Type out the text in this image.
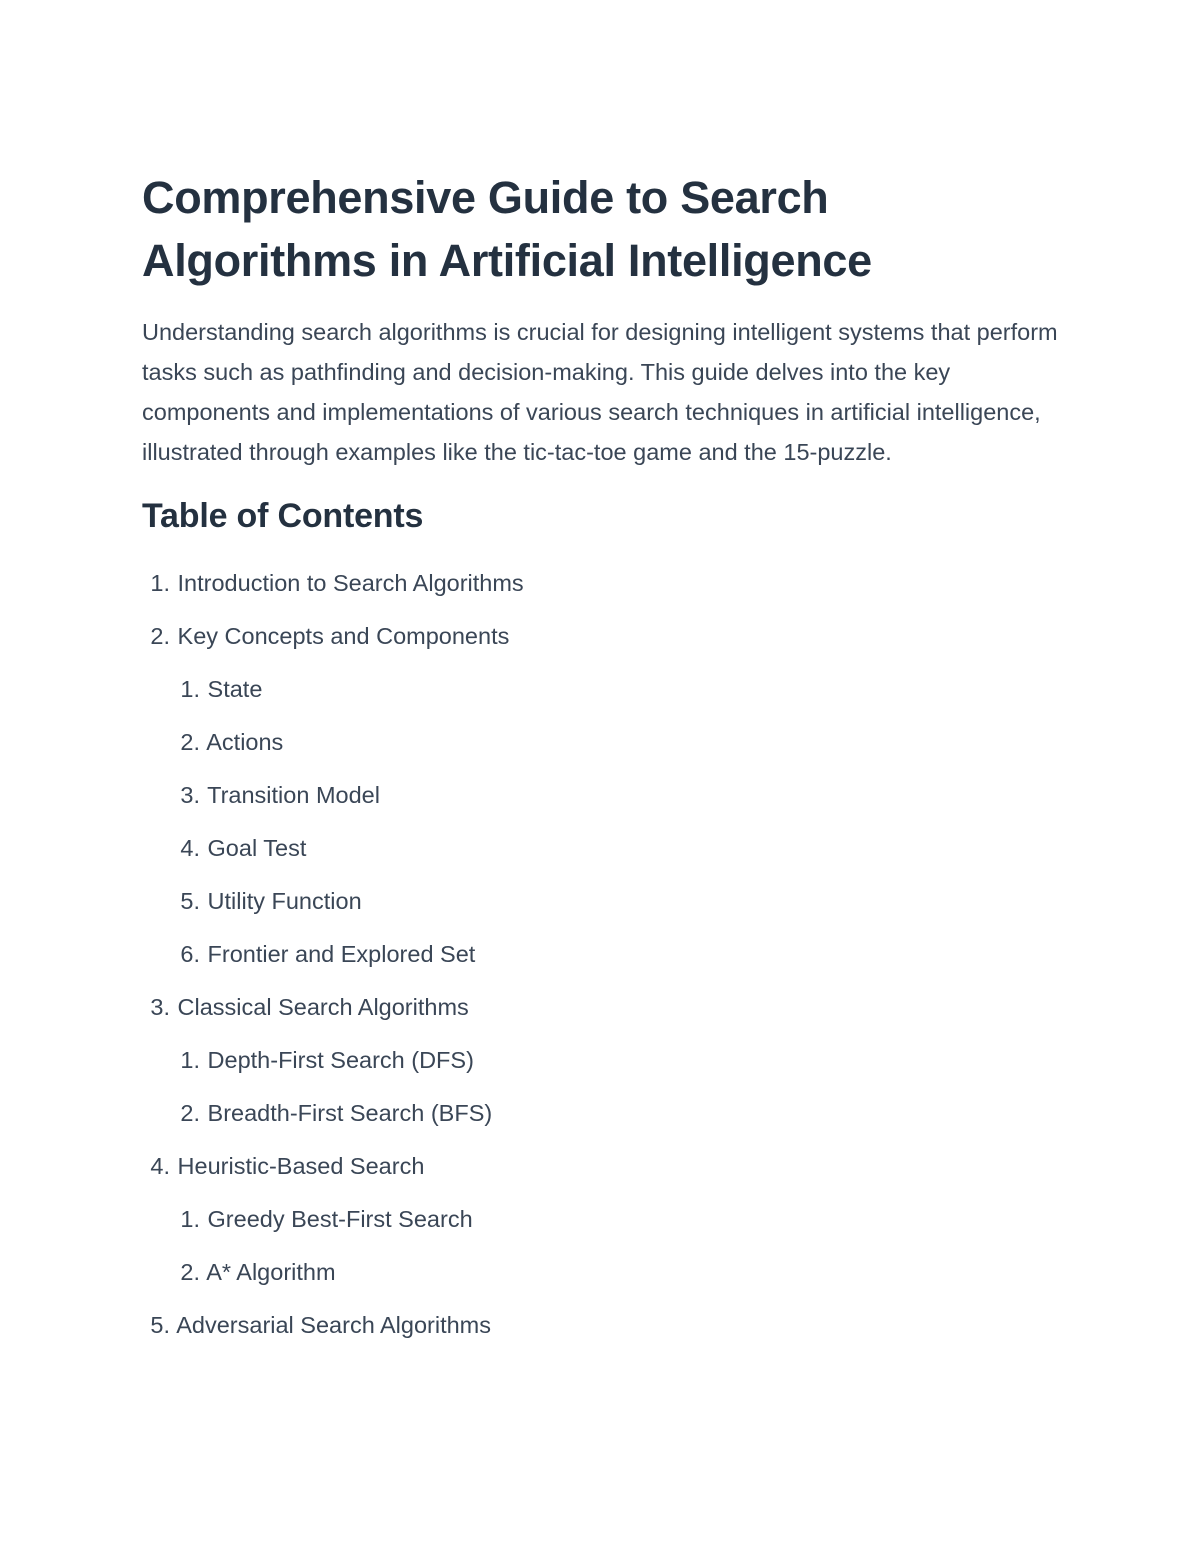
Comprehensive Guide to Search Algorithms in Artificial Intelligence

Understanding search algorithms is crucial for designing intelligent systems that perform tasks such as pathfinding and decision-making. This guide delves into the key components and implementations of various search techniques in artificial intelligence, illustrated through examples like the tic-tac-toe game and the 15-puzzle.

Table of Contents
1. Introduction to Search Algorithms
2. Key Concepts and Components
1. State
2. Actions
3. Transition Model
4. Goal Test
5. Utility Function
6. Frontier and Explored Set
3. Classical Search Algorithms
1. Depth-First Search (DFS)
2. Breadth-First Search (BFS)
4. Heuristic-Based Search
1. Greedy Best-First Search
2. A* Algorithm
5. Adversarial Search Algorithms
